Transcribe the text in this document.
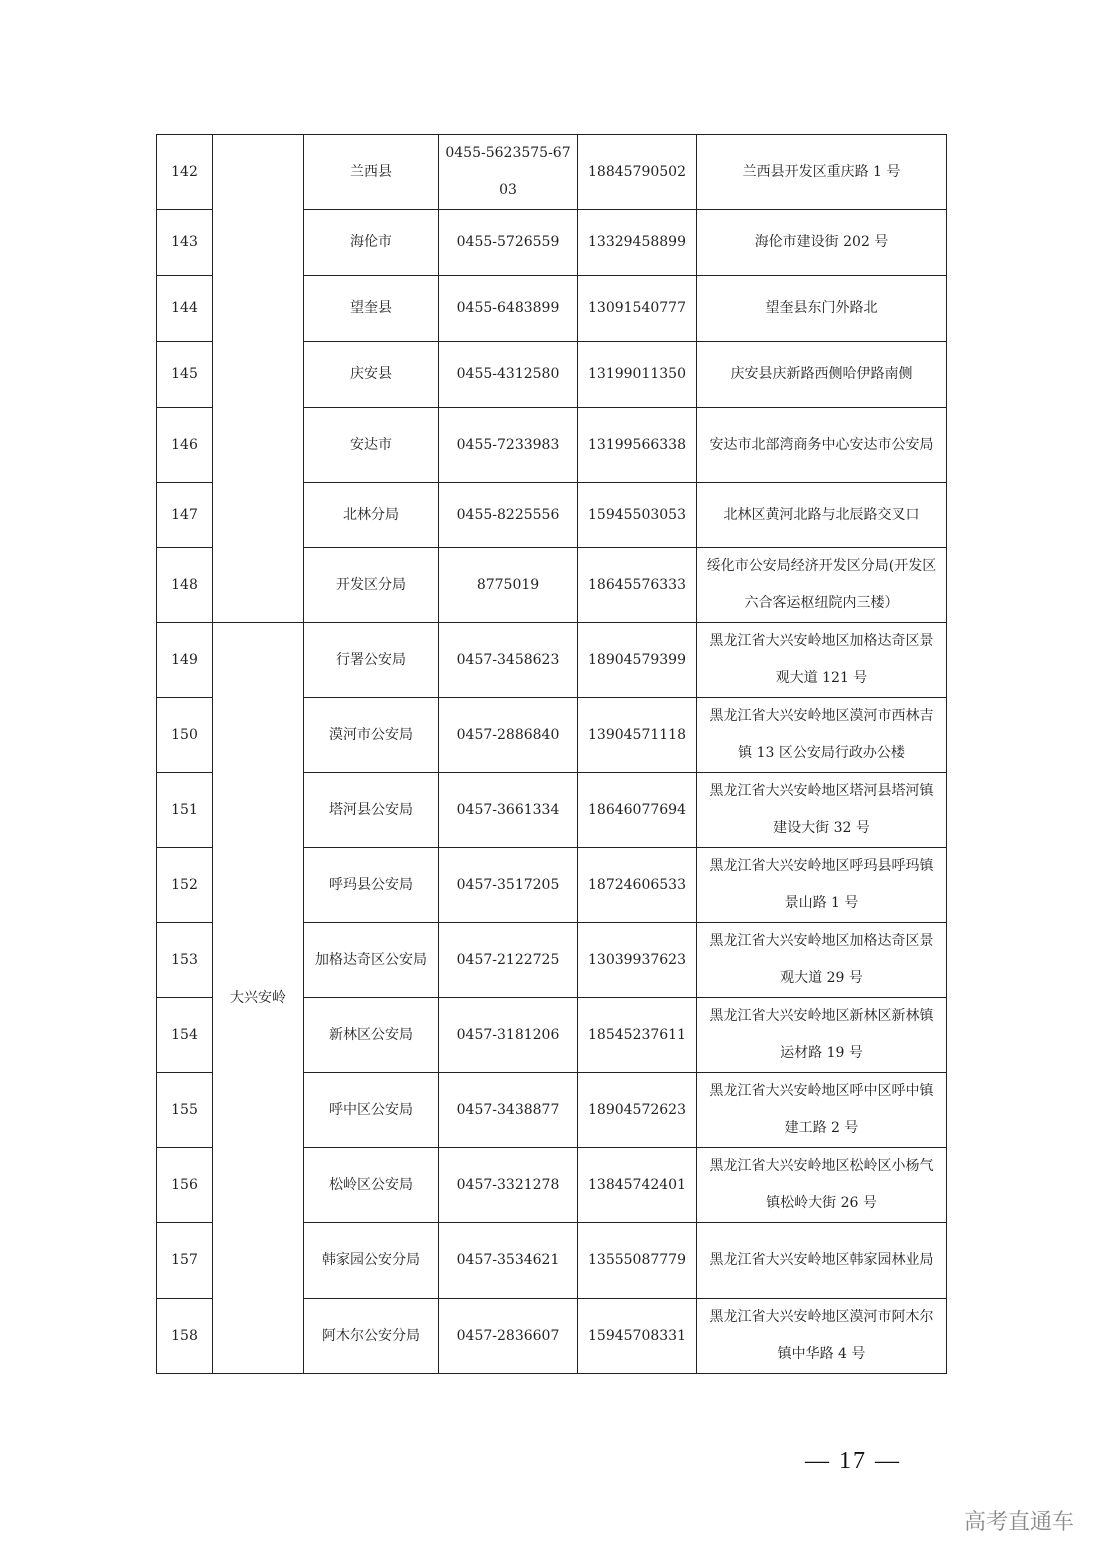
142		兰西县	0455-5623575-6703	18845790502	兰西县开发区重庆路 1 号
143		海伦市	0455-5726559	13329458899	海伦市建设街 202 号
144		望奎县	0455-6483899	13091540777	望奎县东门外路北
145		庆安县	0455-4312580	13199011350	庆安县庆新路西侧哈伊路南侧
146		安达市	0455-7233983	13199566338	安达市北部湾商务中心安达市公安局
147		北林分局	0455-8225556	15945503053	北林区黄河北路与北辰路交叉口
148		开发区分局	8775019	18645576333	绥化市公安局经济开发区分局(开发区六合客运枢纽院内三楼）
149	大兴安岭	行署公安局	0457-3458623	18904579399	黑龙江省大兴安岭地区加格达奇区景观大道 121 号
150		漠河市公安局	0457-2886840	13904571118	黑龙江省大兴安岭地区漠河市西林吉镇 13 区公安局行政办公楼
151		塔河县公安局	0457-3661334	18646077694	黑龙江省大兴安岭地区塔河县塔河镇建设大街 32 号
152		呼玛县公安局	0457-3517205	18724606533	黑龙江省大兴安岭地区呼玛县呼玛镇景山路 1 号
153		加格达奇区公安局	0457-2122725	13039937623	黑龙江省大兴安岭地区加格达奇区景观大道 29 号
154		新林区公安局	0457-3181206	18545237611	黑龙江省大兴安岭地区新林区新林镇运材路 19 号
155		呼中区公安局	0457-3438877	18904572623	黑龙江省大兴安岭地区呼中区呼中镇建工路 2 号
156		松岭区公安局	0457-3321278	13845742401	黑龙江省大兴安岭地区松岭区小杨气镇松岭大街 26 号
157		韩家园公安分局	0457-3534621	13555087779	黑龙江省大兴安岭地区韩家园林业局
158		阿木尔公安分局	0457-2836607	15945708331	黑龙江省大兴安岭地区漠河市阿木尔镇中华路 4 号
— 17 —
高考直通车
